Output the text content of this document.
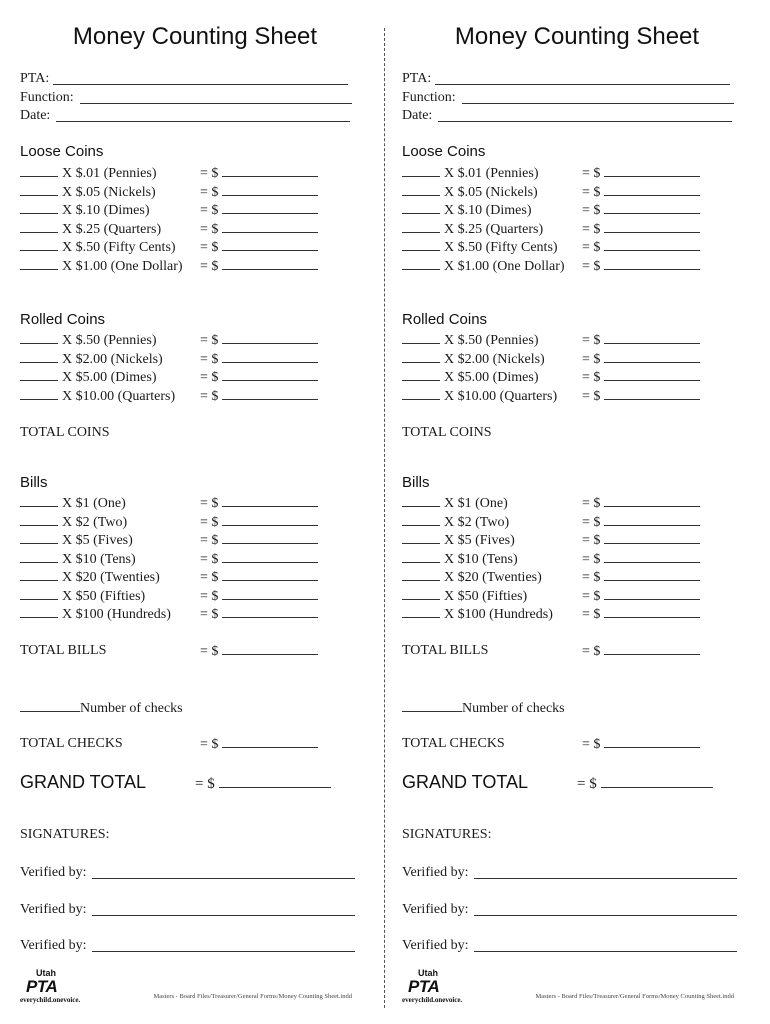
Money Counting Sheet
PTA:
Function:
Date:
Loose Coins
X $.01 (Pennies)	= $
X $.05 (Nickels)	= $
X $.10 (Dimes)	= $
X $.25 (Quarters)	= $
X $.50 (Fifty Cents) = $
X $1.00 (One Dollar) = $
Rolled Coins
X $.50 (Pennies)	= $
X $2.00 (Nickels)	= $
X $5.00 (Dimes)	= $
X $10.00 (Quarters) = $
TOTAL COINS
Bills
X $1 (One)	= $
X $2 (Two)	= $
X $5 (Fives)	= $
X $10 (Tens)	= $
X $20 (Twenties)	= $
X $50 (Fifties)	= $
X $100 (Hundreds) = $
TOTAL BILLS	= $
Number of checks
TOTAL CHECKS	= $
GRAND TOTAL	= $
SIGNATURES:
Verified by:
Verified by:
Verified by:
Utah
PTA
everychild.onevoice.	Masters - Board Files/Treasurer/General Forms/Money Counting Sheet.indd
Money Counting Sheet
PTA:
Function:
Date:
Loose Coins
X $.01 (Pennies)	= $
X $.05 (Nickels)	= $
X $.10 (Dimes)	= $
X $.25 (Quarters)	= $
X $.50 (Fifty Cents) = $
X $1.00 (One Dollar) = $
Rolled Coins
X $.50 (Pennies)	= $
X $2.00 (Nickels)	= $
X $5.00 (Dimes)	= $
X $10.00 (Quarters) = $
TOTAL COINS
Bills
X $1 (One)	= $
X $2 (Two)	= $
X $5 (Fives)	= $
X $10 (Tens)	= $
X $20 (Twenties)	= $
X $50 (Fifties)	= $
X $100 (Hundreds) = $
TOTAL BILLS	= $
Number of checks
TOTAL CHECKS	= $
GRAND TOTAL	= $
SIGNATURES:
Verified by:
Verified by:
Verified by:
Utah
PTA
everychild.onevoice.	Masters - Board Files/Treasurer/General Forms/Money Counting Sheet.indd
